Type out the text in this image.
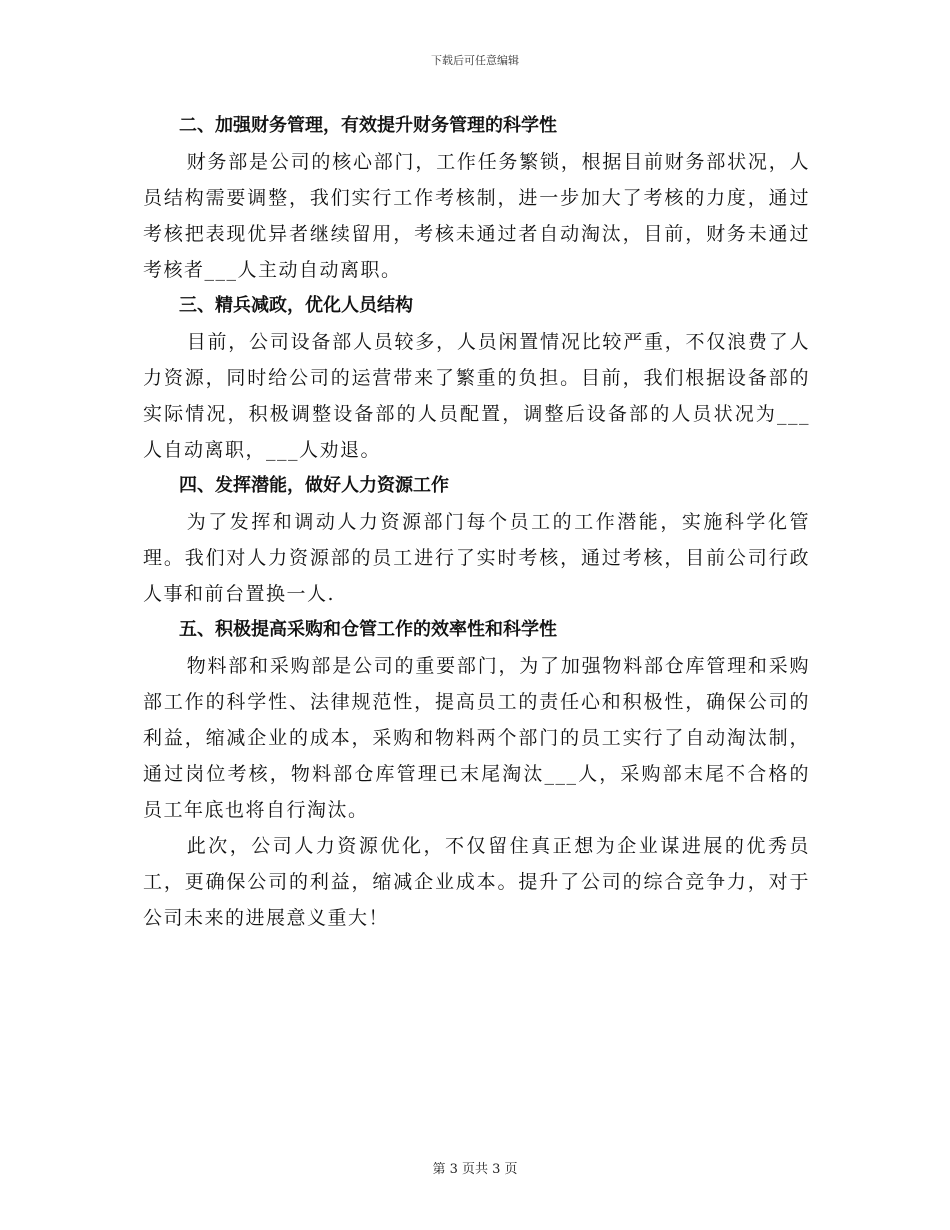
下载后可任意编辑
二、加强财务管理，有效提升财务管理的科学性

财务部是公司的核心部门，工作任务繁锁，根据目前财务部状况，人员结构需要调整，我们实行工作考核制，进一步加大了考核的力度，通过考核把表现优异者继续留用，考核未通过者自动淘汰，目前，财务未通过考核者___人主动自动离职。

三、精兵减政，优化人员结构

目前，公司设备部人员较多，人员闲置情况比较严重，不仅浪费了人力资源，同时给公司的运营带来了繁重的负担。目前，我们根据设备部的实际情况，积极调整设备部的人员配置，调整后设备部的人员状况为___人自动离职，___人劝退。

四、发挥潜能，做好人力资源工作

为了发挥和调动人力资源部门每个员工的工作潜能，实施科学化管理。我们对人力资源部的员工进行了实时考核，通过考核，目前公司行政人事和前台置换一人.

五、积极提高采购和仓管工作的效率性和科学性

物料部和采购部是公司的重要部门，为了加强物料部仓库管理和采购部工作的科学性、法律规范性，提高员工的责任心和积极性，确保公司的利益，缩减企业的成本，采购和物料两个部门的员工实行了自动淘汰制，通过岗位考核，物料部仓库管理已末尾淘汰___人，采购部末尾不合格的员工年底也将自行淘汰。

此次，公司人力资源优化，不仅留住真正想为企业谋进展的优秀员工，更确保公司的利益，缩减企业成本。提升了公司的综合竞争力，对于公司未来的进展意义重大！

第 3 页共 3 页
